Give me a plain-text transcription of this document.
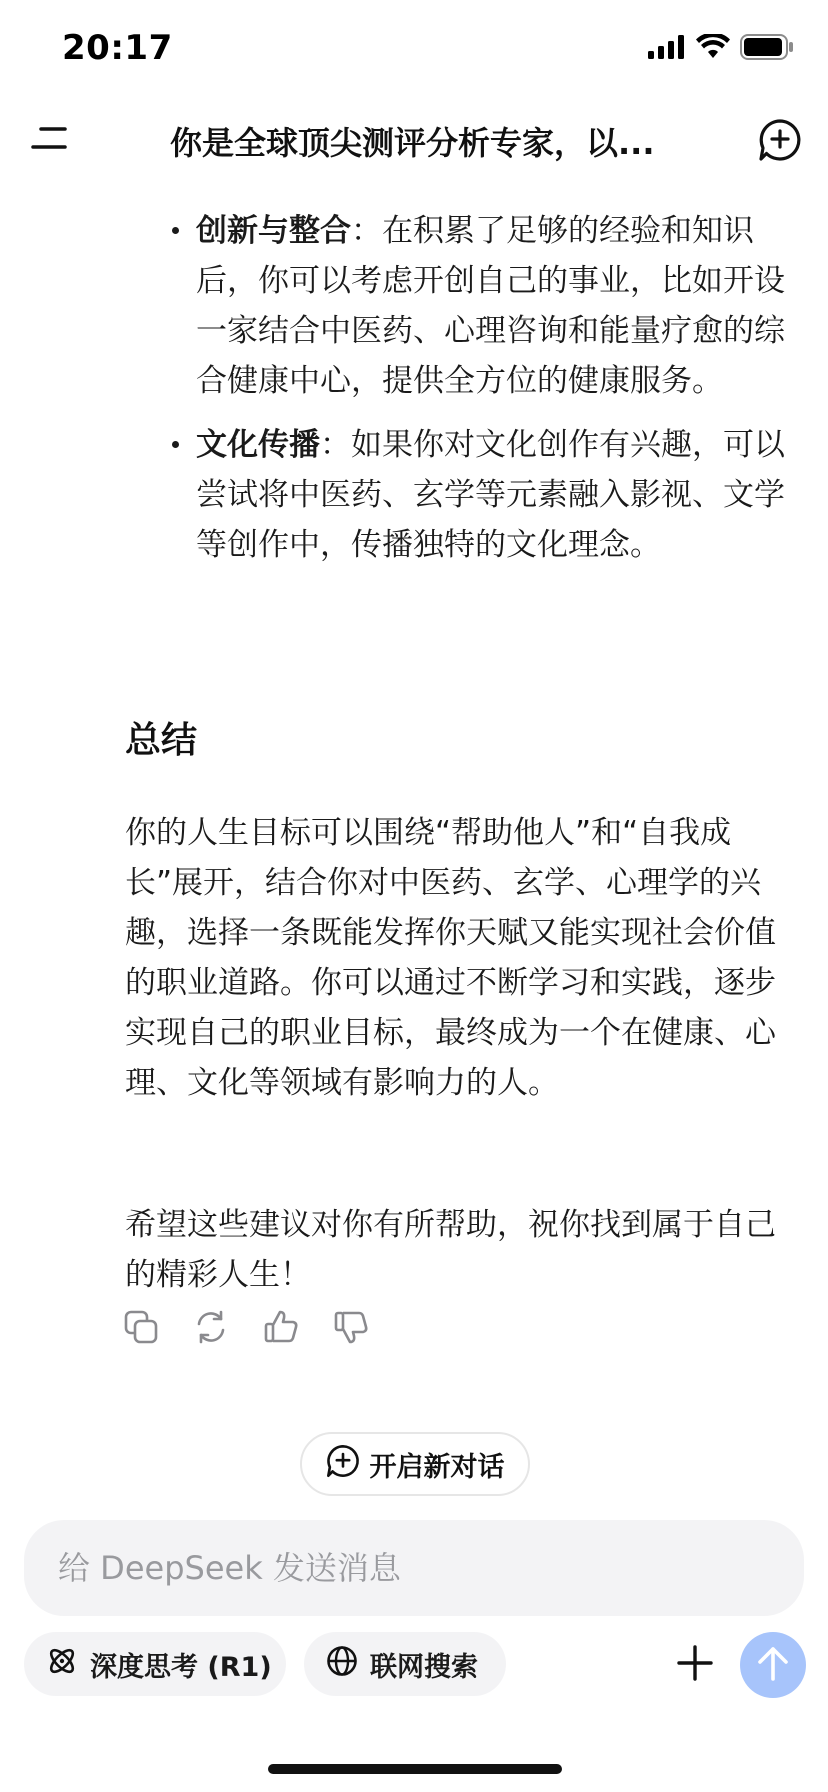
20:17
你是全球顶尖测评分析专家，以...
创新与整合：在积累了足够的经验和知识后，你可以考虑开创自己的事业，比如开设一家结合中医药、心理咨询和能量疗愈的综合健康中心，提供全方位的健康服务。
文化传播：如果你对文化创作有兴趣，可以尝试将中医药、玄学等元素融入影视、文学等创作中，传播独特的文化理念。
总结

你的人生目标可以围绕“帮助他人”和“自我成长”展开，结合你对中医药、玄学、心理学的兴趣，选择一条既能发挥你天赋又能实现社会价值的职业道路。你可以通过不断学习和实践，逐步实现自己的职业目标，最终成为一个在健康、心理、文化等领域有影响力的人。

希望这些建议对你有所帮助，祝你找到属于自己的精彩人生！

开启新对话
给 DeepSeek 发送消息
深度思考 (R1)	联网搜索
